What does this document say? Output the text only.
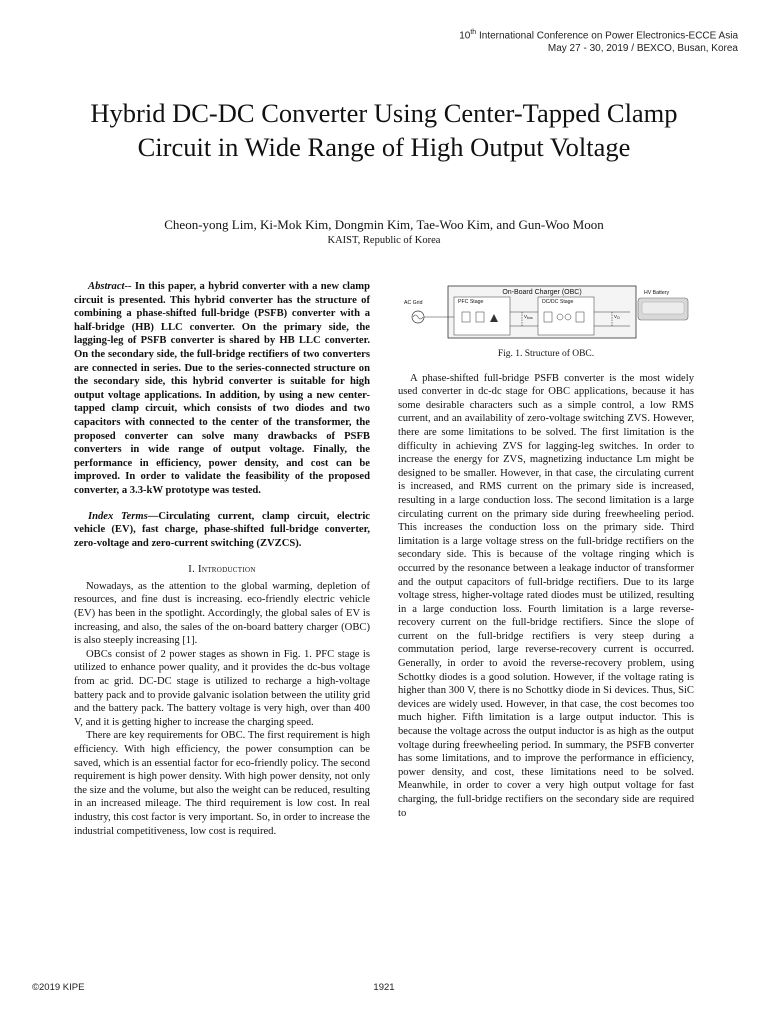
10th International Conference on Power Electronics-ECCE Asia
May 27 - 30, 2019 / BEXCO, Busan, Korea
Hybrid DC-DC Converter Using Center-Tapped Clamp Circuit in Wide Range of High Output Voltage
Cheon-yong Lim, Ki-Mok Kim, Dongmin Kim, Tae-Woo Kim, and Gun-Woo Moon
KAIST, Republic of Korea

Abstract-- In this paper, a hybrid converter with a new clamp circuit is presented. This hybrid converter has the structure of combining a phase-shifted full-bridge (PSFB) converter with a half-bridge (HB) LLC converter. On the primary side, the lagging-leg of PSFB converter is shared by HB LLC converter. On the secondary side, the full-bridge rectifiers of two converters are connected in series. Due to the series-connected structure on the secondary side, this hybrid converter is suitable for high output voltage applications. In addition, by using a new center-tapped clamp circuit, which consists of two diodes and two capacitors with connected to the center of the transformer, the proposed converter can solve many drawbacks of PSFB converters in wide range of output voltage. Finally, the performance in efficiency, power density, and cost can be improved. In order to validate the feasibility of the proposed converter, a 3.3-kW prototype was tested.

Index Terms—Circulating current, clamp circuit, electric vehicle (EV), fast charge, phase-shifted full-bridge converter, zero-voltage and zero-current switching (ZVZCS).

I. Introduction

Nowadays, as the attention to the global warming, depletion of resources, and fine dust is increasing. eco-friendly electric vehicle (EV) has been in the spotlight. Accordingly, the global sales of EV is increasing, and also, the sales of the on-board battery charger (OBC) is also steeply increasing [1].

OBCs consist of 2 power stages as shown in Fig. 1. PFC stage is utilized to enhance power quality, and it provides the dc-bus voltage from ac grid. DC-DC stage is utilized to recharge a high-voltage battery pack and to provide galvanic isolation between the utility grid and the battery pack. The battery voltage is very high, over than 400 V, and it is getting higher to increase the charging speed.

There are key requirements for OBC. The first requirement is high efficiency. With high efficiency, the power consumption can be saved, which is an essential factor for eco-friendly policy. The second requirement is high power density. With high power density, not only the size and the volume, but also the weight can be reduced, resulting in an increased mileage. The third requirement is low cost. In real industry, this cost factor is very important. So, in order to increase the industrial competitiveness, low cost is required.

On-Board Charger (OBC)
PFC Stage	DC/DC Stage
AC Grid
$V_{bus}$	$V_O$
HV Battery
Fig. 1. Structure of OBC.

A phase-shifted full-bridge PSFB converter is the most widely used converter in dc-dc stage for OBC applications, because it has some desirable characters such as a simple control, a low RMS current, and an availability of zero-voltage switching ZVS. However, there are some limitations to be solved. The first limitation is the difficulty in achieving ZVS for lagging-leg switches. In order to increase the energy for ZVS, magnetizing inductance Lm might be designed to be smaller. However, in that case, the circulating current is increased, and RMS current on the primary side is increased, resulting in a large conduction loss. The second limitation is a large circulating current on the primary side during freewheeling period. This increases the conduction loss on the primary side. Third limitation is a large voltage stress on the full-bridge rectifiers on the secondary side. This is because of the voltage ringing which is occurred by the resonance between a leakage inductor of transformer and the output capacitors of full-bridge rectifiers. Due to its large voltage stress, higher-voltage rated diodes must be utilized, resulting in a large conduction loss. Fourth limitation is a large reverse-recovery current on the full-bridge rectifiers. Since the slope of current on the full-bridge rectifiers is very steep during a commutation period, large reverse-recovery current is occurred. Generally, in order to avoid the reverse-recovery problem, using Schottky diodes is a good solution. However, if the voltage rating is higher than 300 V, there is no Schottky diode in Si devices. Thus, SiC devices are widely used. However, in that case, the cost becomes too much higher. Fifth limitation is a large output inductor. This is because the voltage across the output inductor is as high as the output voltage during freewheeling period. In summary, the PSFB converter has some limitations, and to improve the performance in efficiency, power density, and cost, these limitations need to be solved. Meanwhile, in order to cover a very high output voltage for fast charging, the full-bridge rectifiers on the secondary side are required to

©2019 KIPE	1921
